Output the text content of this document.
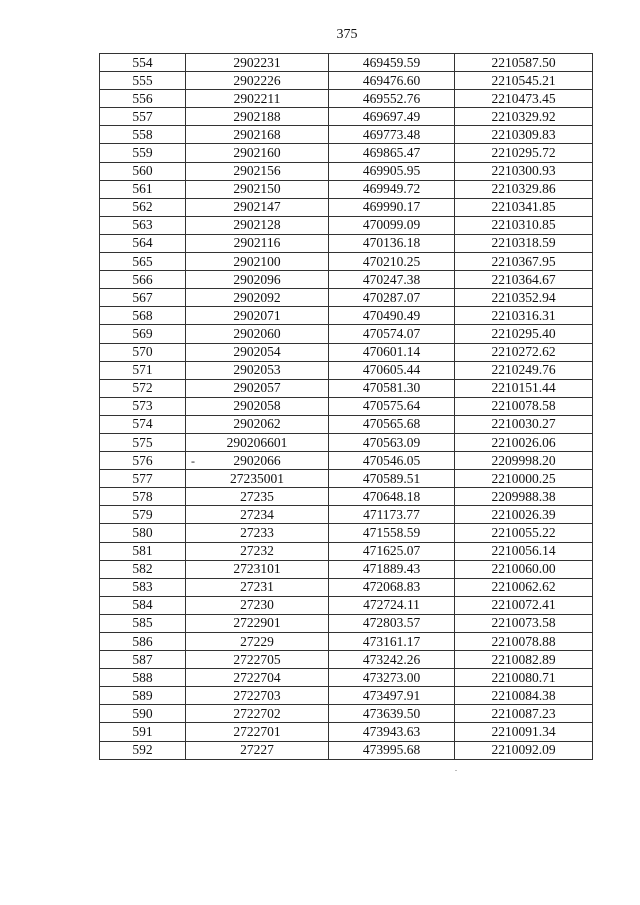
375
554	2902231	469459.59	2210587.50
555	2902226	469476.60	2210545.21
556	2902211	469552.76	2210473.45
557	2902188	469697.49	2210329.92
558	2902168	469773.48	2210309.83
559	2902160	469865.47	2210295.72
560	2902156	469905.95	2210300.93
561	2902150	469949.72	2210329.86
562	2902147	469990.17	2210341.85
563	2902128	470099.09	2210310.85
564	2902116	470136.18	2210318.59
565	2902100	470210.25	2210367.95
566	2902096	470247.38	2210364.67
567	2902092	470287.07	2210352.94
568	2902071	470490.49	2210316.31
569	2902060	470574.07	2210295.40
570	2902054	470601.14	2210272.62
571	2902053	470605.44	2210249.76
572	2902057	470581.30	2210151.44
573	2902058	470575.64	2210078.58
574	2902062	470565.68	2210030.27
575	290206601	470563.09	2210026.06
576	2902066	470546.05	2209998.20
577	27235001	470589.51	2210000.25
578	27235	470648.18	2209988.38
579	27234	471173.77	2210026.39
580	27233	471558.59	2210055.22
581	27232	471625.07	2210056.14
582	2723101	471889.43	2210060.00
583	27231	472068.83	2210062.62
584	27230	472724.11	2210072.41
585	2722901	472803.57	2210073.58
586	27229	473161.17	2210078.88
587	2722705	473242.26	2210082.89
588	2722704	473273.00	2210080.71
589	2722703	473497.91	2210084.38
590	2722702	473639.50	2210087.23
591	2722701	473943.63	2210091.34
592	27227	473995.68	2210092.09
-
